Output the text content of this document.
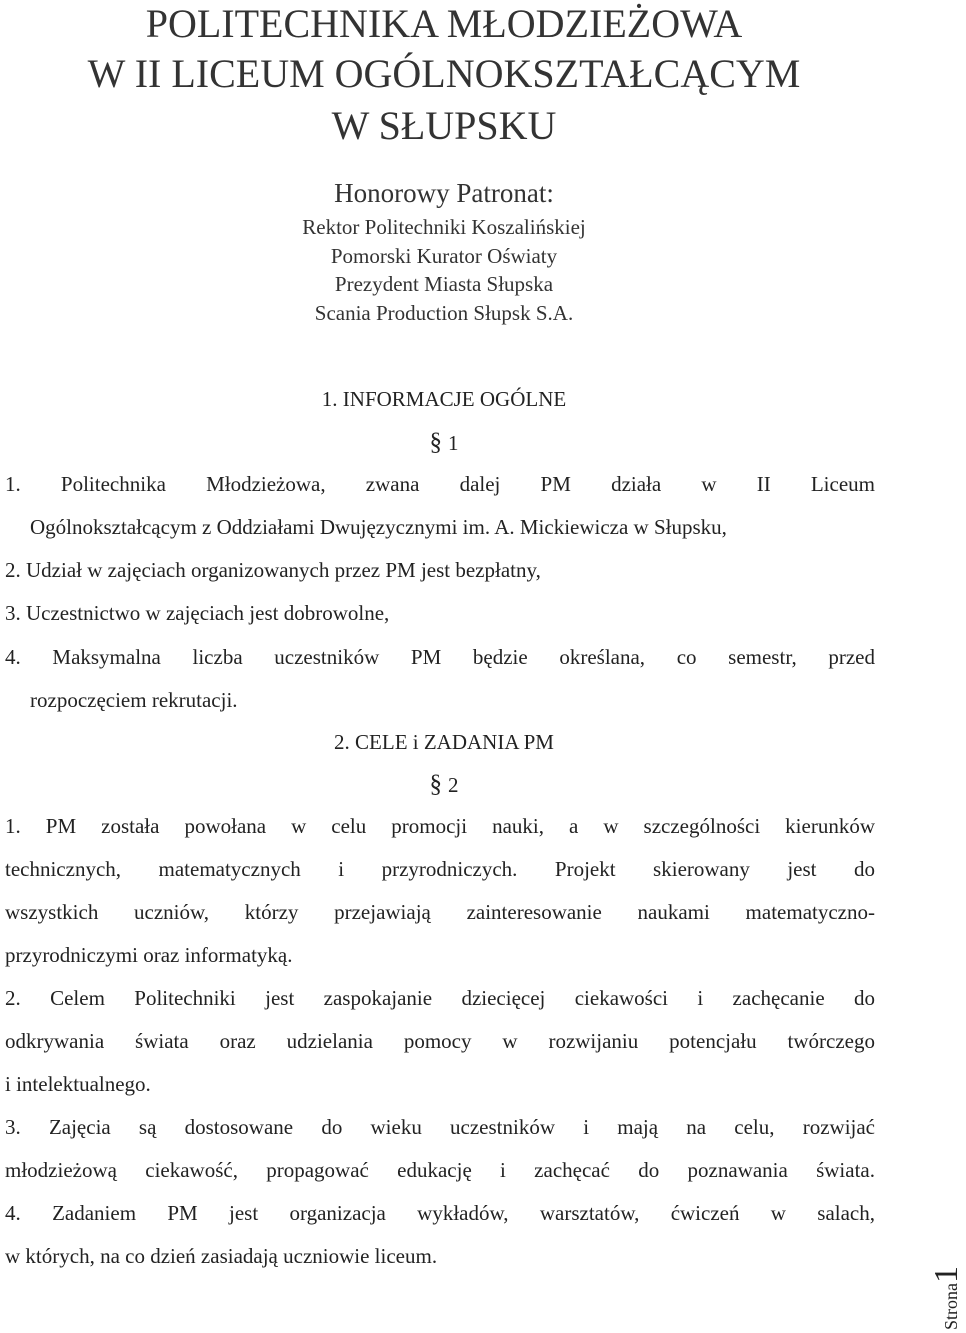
POLITECHNIKA MŁODZIEŻOWA
W II LICEUM OGÓLNOKSZTAŁCĄCYM
W SŁUPSKU
Honorowy Patronat:
Rektor Politechniki Koszalińskiej
Pomorski Kurator Oświaty
Prezydent Miasta Słupska
Scania Production Słupsk S.A.
1. INFORMACJE OGÓLNE
§ 1
1. Politechnika Młodzieżowa, zwana dalej PM działa w II Liceum
Ogólnokształcącym z Oddziałami Dwujęzycznymi im. A. Mickiewicza w Słupsku,
2. Udział w zajęciach organizowanych przez PM jest bezpłatny,
3. Uczestnictwo w zajęciach jest dobrowolne,
4. Maksymalna liczba uczestników PM będzie określana, co semestr, przed
rozpoczęciem rekrutacji.
2. CELE i ZADANIA PM
§ 2
1. PM została powołana w celu promocji nauki, a w szczególności kierunków
technicznych, matematycznych i przyrodniczych. Projekt skierowany jest do
wszystkich uczniów, którzy przejawiają zainteresowanie naukami matematyczno-
przyrodniczymi oraz informatyką.
2. Celem Politechniki jest zaspokajanie dziecięcej ciekawości i zachęcanie do
odkrywania świata oraz udzielania pomocy w rozwijaniu potencjału twórczego
i intelektualnego.
3. Zajęcia są dostosowane do wieku uczestników i mają na celu, rozwijać
młodzieżową ciekawość, propagować edukację i zachęcać do poznawania świata.
4. Zadaniem PM jest organizacja wykładów, warsztatów, ćwiczeń w salach,
w których, na co dzień zasiadają uczniowie liceum.
Strona1
